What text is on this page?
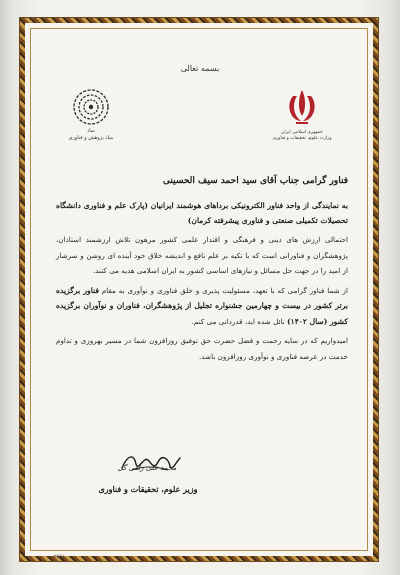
بسمه تعالی
جمهوری اسلامی ایران
وزارت علوم، تحقیقات و فناوری
نماد
بنیاد پژوهش و فناوری
فناور گرامی جناب آقای سید احمد سیف الحسینی
به نمایندگی از واحد فناور الکترونیکی برداهای هوشمند ایرانیان (پارک علم و فناوری دانشگاه تحصیلات تکمیلی صنعتی و فناوری پیشرفته کرمان)
احتمالی ارزش های دینی و فرهنگی و اقتدار علمی کشور مرهون تلاش ارزشمند استادان، پژوهشگران و فناورانی است که با تکیه بر علم نافع و اندیشه خلاق خود آینده ای روشن و سرشار از امید را در جهت حل مسائل و نیازهای اساسی کشور به ایران اسلامی هدیه می کنند.
از شما فناور گرامی که با تعهد، مسئولیت پذیری و خلق فناوری و نوآوری به مقام فناور برگزیده برتر کشور در بیست و چهارمین جشنواره تجلیل از پژوهشگران، فناوران و نوآوران برگزیده کشور (سال ۱۴۰۲) نائل شده اید، قدردانی می کنم.
امیدواریم که در سایه رحمت و فضل حضرت حق توفیق روزافزون شما در مسیر بهروزی و تداوم خدمت در عرصه فناوری و نوآوری روزافزون باشد.
محمد علی زلفی گل
وزیر علوم، تحقیقات و فناوری
۲۵۶۱
